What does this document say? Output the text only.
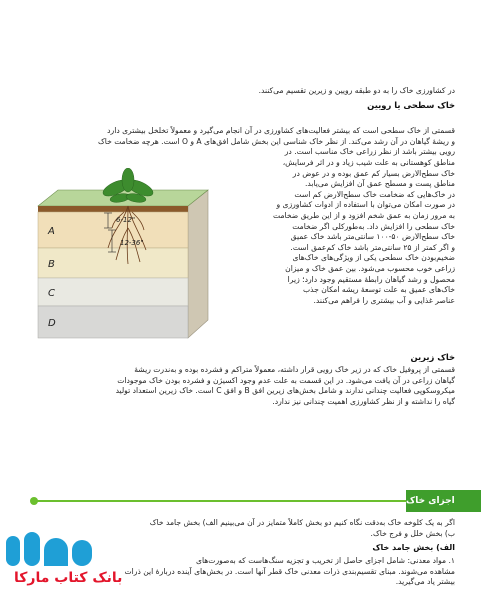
در کشاورزی خاک را به دو طبقه رویین و زیرین تقسیم می‌کنند.
خاک سطحی یا رویین
قسمتی از خاک سطحی است که بیشتر فعالیت‌های کشاورزی در آن انجام می‌گیرد و معمولاً تخلخل بیشتری دارد
و ریشهٔ گیاهان در آن رشد می‌کند. از نظر خاک شناسی این بخش شامل افق‌های A و O است. هرچه ضخامت خاک
رویی بیشتر باشد از نظر زراعی خاک مناسب است. در
مناطق کوهستانی به علت شیب زیاد و در اثر فرسایش،
خاک سطح‌الارض بسیار کم عمق بوده و در عوض در
مناطق پست و مسطح عمق آن افزایش می‌یابد.
در خاک‌هایی که ضخامت خاک سطح‌الارض کم است
در صورت امکان می‌توان با استفاده از ادوات کشاورزی و
به مرور زمان به عمق شخم افزود و از این طریق ضخامت
خاک سطحی را افزایش داد. به‌طورکلی اگر ضخامت
خاک سطح‌الارض ۵۰-۱۰۰ سانتی‌متر باشد خاک عمیق
و اگر کمتر از ۲۵ سانتی‌متر باشد خاک کم‌عمق است.
ضخیم‌بودن خاک سطحی یکی از ویژگی‌های خاک‌های
زراعی خوب محسوب می‌شود. بین عمق خاک و میزان
محصول و رشد گیاهان رابطهٔ مستقیم وجود دارد؛ زیرا
خاک‌های عمیق به علت توسعهٔ ریشه امکان جذب
عناصر غذایی و آب بیشتری را فراهم می‌کنند.
6-12"
12-36"
A
B
C
D
خاک زیرین
قسمتی از پروفیل خاک که در زیر خاک رویی قرار داشته، معمولاً متراکم و فشرده بوده و به‌ندرت ریشهٔ
گیاهان زراعی در آن یافت می‌شود. در این قسمت به علت عدم وجود اکسیژن و فشرده بودن خاک موجودات
میکروسکوپی فعالیت چندانی ندارند و شامل بخش‌های زیرین افق B و افق C است. خاک زیرین استعداد تولید
گیاه را نداشته و از نظر کشاورزی اهمیت چندانی نیز ندارد.
اجزای خاک
اگر به یک کلوخه خاک به‌دقت نگاه کنیم دو بخش کاملاً متمایز در آن می‌بینیم الف) بخش جامد خاک
ب) بخش خلل و فرج خاک.
الف) بخش جامد خاک
۱. مواد معدنی: شامل اجزای حاصل از تخریب و تجزیه سنگ‌هاست که به‌صورت‌های
مشاهده می‌شوند. مبنای تقسیم‌بندی ذرات معدنی خاک قطر آنها است. در بخش‌های آینده دربارهٔ این ذرات
بیشتر یاد می‌گیرید.
بانک کتاب مارکا
